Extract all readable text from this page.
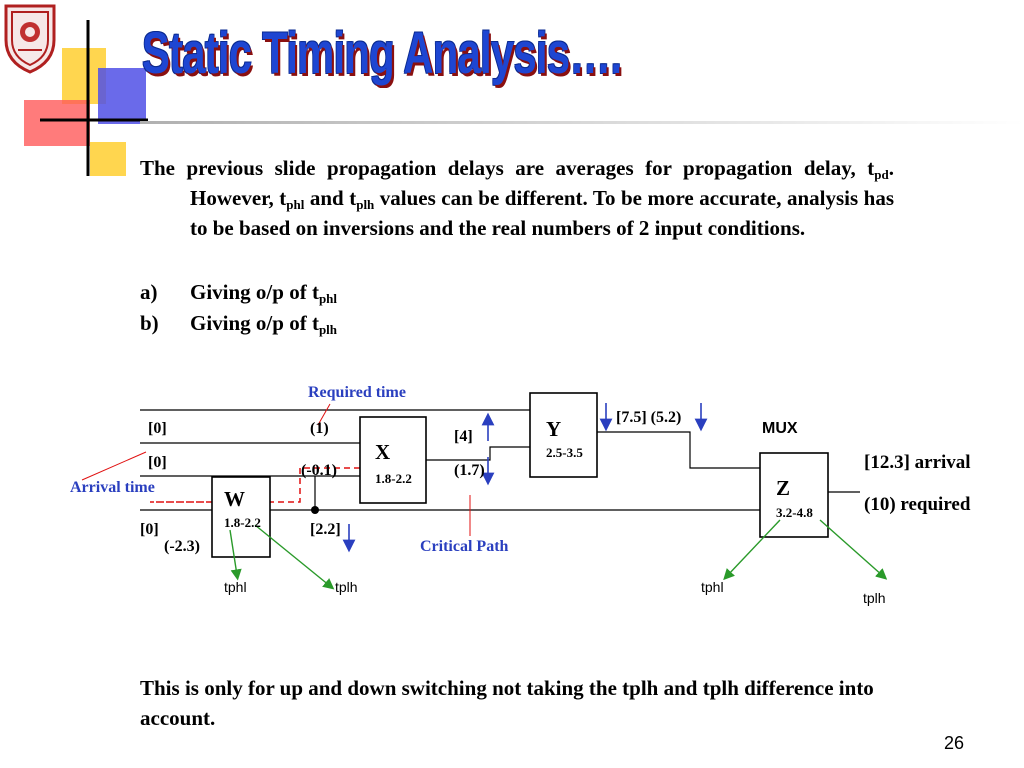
Static Timing Analysis….
The previous slide propagation delays are averages for propagation delay, $t_{pd}$. However, $t_{phl}$ and $t_{plh}$ values can be different. To be more accurate, analysis has to be based on inversions and the real numbers of 2 input conditions.
a) Giving o/p of $t_{phl}$
b) Giving o/p of $t_{plh}$
W
1.8-2.2
X
1.8-2.2
Y
2.5-3.5
Z
3.2-4.8
Required time
Arrival time
Critical Path
MUX
[0]
[0]
[0]
(1)
(-0.1)
[2.2]
(-2.3)
[4]
(1.7)
[7.5] (5.2)
[12.3] arrival
(10) required
tphl	tplh	tphl
tplh
This is only for up and down switching not taking the tplh and tplh difference into account.
26
